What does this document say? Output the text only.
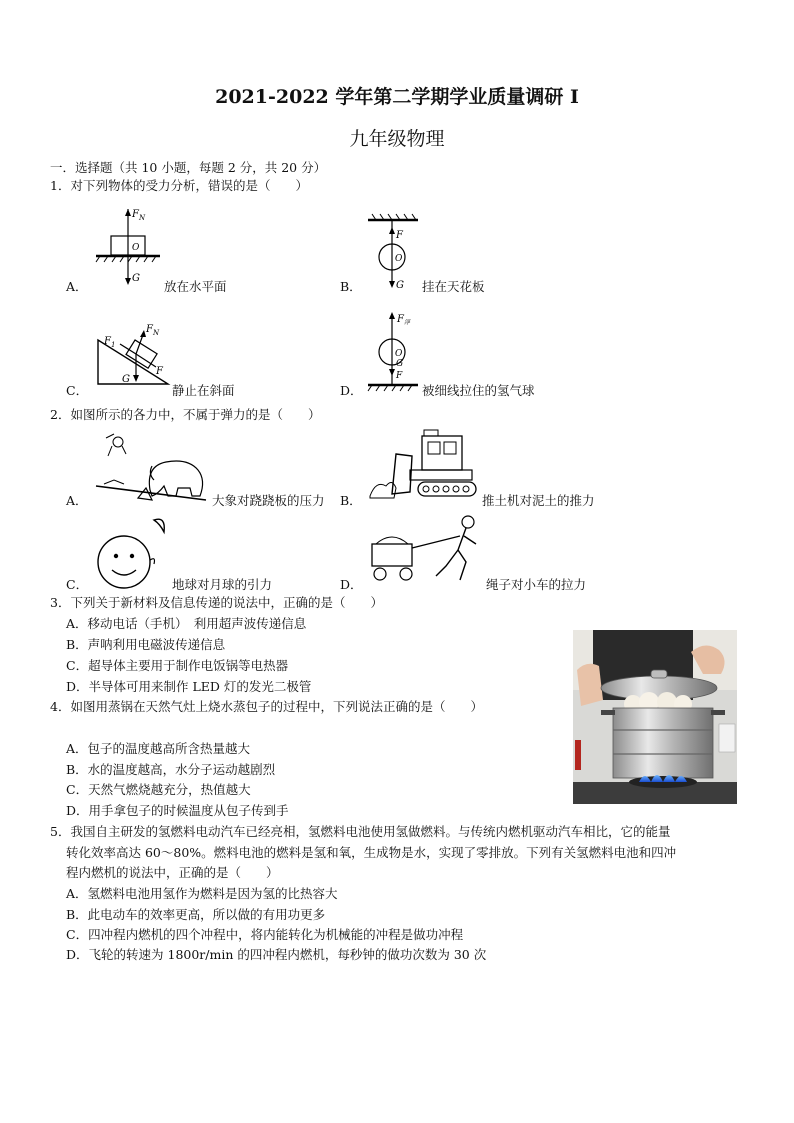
2021-2022 学年第二学期学业质量调研 I
九年级物理
一．选择题（共 10 小题，每题 2 分，共 20 分）
1．对下列物体的受力分析，错误的是（　　）
$F_N$
O
G
A．	放在水平面
F
O
G
B．	挂在天花板
$F_1$
$F_N$
F
G
C．	静止在斜面
$F_浮$
O
G
F
D．	被细线拉住的氢气球
2．如图所示的各力中，不属于弹力的是（　　）
A．	大象对跷跷板的压力 B．	推土机对泥土的推力
C．	地球对月球的引力	D．	绳子对小车的拉力
3．下列关于新材料及信息传递的说法中，正确的是（　　）
A．移动电话（手机）　利用超声波传递信息
B．声呐利用电磁波传递信息
C．超导体主要用于制作电饭锅等电热器
D．半导体可用来制作 LED 灯的发光二极管
4．如图用蒸锅在天然气灶上烧水蒸包子的过程中，下列说法正确的是（　　）
A．包子的温度越高所含热量越大
B．水的温度越高，水分子运动越剧烈
C．天然气燃烧越充分，热值越大
D．用手拿包子的时候温度从包子传到手
5．我国自主研发的氢燃料电动汽车已经亮相，氢燃料电池使用氢做燃料。与传统内燃机驱动汽车相比，它的能量
转化效率高达 60～80%。燃料电池的燃料是氢和氧，生成物是水，实现了零排放。下列有关氢燃料电池和四冲
程内燃机的说法中，正确的是（　　）
A．氢燃料电池用氢作为燃料是因为氢的比热容大
B．此电动车的效率更高，所以做的有用功更多
C．四冲程内燃机的四个冲程中，将内能转化为机械能的冲程是做功冲程
D．飞轮的转速为 1800r/min 的四冲程内燃机，每秒钟的做功次数为 30 次
